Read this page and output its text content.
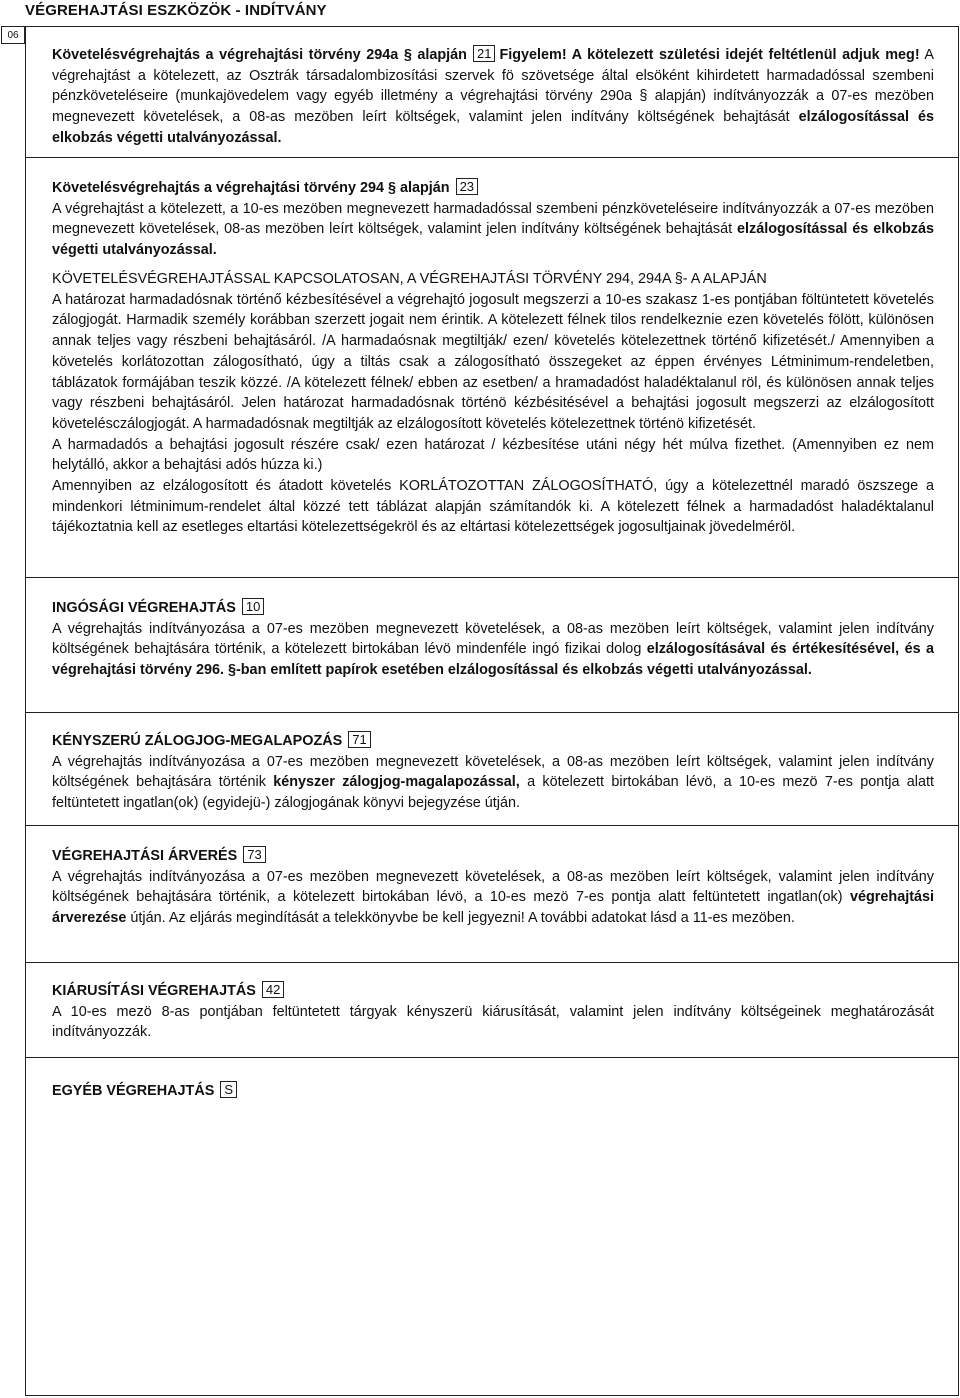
VÉGREHAJTÁSI ESZKÖZÖK - INDÍTVÁNY
06

Követelésvégrehajtás a végrehajtási törvény 294a § alapján 21 Figyelem! A kötelezett születési idejét feltétlenül adjuk meg! A végrehajtást a kötelezett, az Osztrák társadalombizosítási szervek fö szövetsége által elsöként kihirdetett harmadadóssal szembeni pénzköveteléseire (munkajövedelem vagy egyéb illetmény a végrehajtási törvény 290a § alapján) indítványozzák a 07-es mezöben megnevezett követelések, a 08-as mezöben leírt költségek, valamint jelen indítvány költségének behajtását elzálogosítással és elkobzás végetti utalványozással.

Követelésvégrehajtás a végrehajtási törvény 294 § alapján 23

A végrehajtást a kötelezett, a 10-es mezöben megnevezett harmadadóssal szembeni pénzköveteléseire indítványozzák a 07-es mezöben megnevezett követelések, 08-as mezöben leírt költségek, valamint jelen indítvány költségének behajtását elzálogosítással és elkobzás végetti utalványozással.

KÖVETELÉSVÉGREHAJTÁSSAL KAPCSOLATOSAN, A VÉGREHAJTÁSI TÖRVÉNY 294, 294A §- A ALAPJÁN

A határozat harmadadósnak történő kézbesítésével a végrehajtó jogosult megszerzi a 10-es szakasz 1-es pontjában föltüntetett követelés zálogjogát. Harmadik személy korábban szerzett jogait nem érintik. A kötelezett félnek tilos rendelkeznie ezen követelés fölött, különösen annak teljes vagy részbeni behajtásáról. /A harmadaósnak megtiltják/ ezen/ követelés kötelezettnek történő kifizetését./ Amennyiben a követelés korlátozottan zálogosítható, úgy a tiltás csak a zálogosítható összegeket az éppen érvényes Létminimum-rendeletben, táblázatok formájában teszik közzé. /A kötelezett félnek/ ebben az esetben/ a hramadadóst haladéktalanul röl, és különösen annak teljes vagy részbeni behajtásáról. Jelen határozat harmadadósnak történö kézbésitésével a behajtási jogosult megszerzi az elzálogosított követelésczálogjogát. A harmadadósnak megtiltják az elzálogosított követelés kötelezettnek történö kifizetését.

A harmadadós a behajtási jogosult részére csak/ ezen határozat / kézbesítése utáni négy hét múlva fizethet. (Amennyiben ez nem helytálló, akkor a behajtási adós húzza ki.)

Amennyiben az elzálogosított és átadott követelés KORLÁTOZOTTAN ZÁLOGOSÍTHATÓ, úgy a kötelezettnél maradó öszszege a mindenkori létminimum-rendelet által közzé tett táblázat alapján számítandók ki. A kötelezett félnek a harmadadóst haladéktalanul tájékoztatnia kell az esetleges eltartási kötelezettségekröl és az eltártasi kötelezettségek jogosultjainak jövedelméröl.

INGÓSÁGI VÉGREHAJTÁS 10

A végrehajtás indítványozása a 07-es mezöben megnevezett követelések, a 08-as mezöben leírt költségek, valamint jelen indítvány költségének behajtására történik, a kötelezett birtokában lévö mindenféle ingó fizikai dolog elzálogosításával és értékesítésével, és a végrehajtási törvény 296. §-ban említett papírok esetében elzálogosítással és elkobzás végetti utalványozással.

KÉNYSZERÚ ZÁLOGJOG-MEGALAPOZÁS 71

A végrehajtás indítványozása a 07-es mezöben megnevezett követelések, a 08-as mezöben leírt költségek, valamint jelen indítvány költségének behajtására történik kényszer zálogjog-magalapozással, a kötelezett birtokában lévö, a 10-es mezö 7-es pontja alatt feltüntetett ingatlan(ok) (egyidejü-) zálogjogának könyvi bejegyzése útján.

VÉGREHAJTÁSI ÁRVERÉS 73

A végrehajtás indítványozása a 07-es mezöben megnevezett követelések, a 08-as mezöben leírt költségek, valamint jelen indítvány költségének behajtására történik, a kötelezett birtokában lévö, a 10-es mezö 7-es pontja alatt feltüntetett ingatlan(ok) végrehajtási árverezése útján. Az eljárás megindítását a telekkönyvbe be kell jegyezni! A további adatokat lásd a 11-es mezöben.

KIÁRUSÍTÁSI VÉGREHAJTÁS 42

A 10-es mezö 8-as pontjában feltüntetett tárgyak kényszerü kiárusítását, valamint jelen indítvány költségeinek meghatározását indítványozzák.

EGYÉB VÉGREHAJTÁS S
